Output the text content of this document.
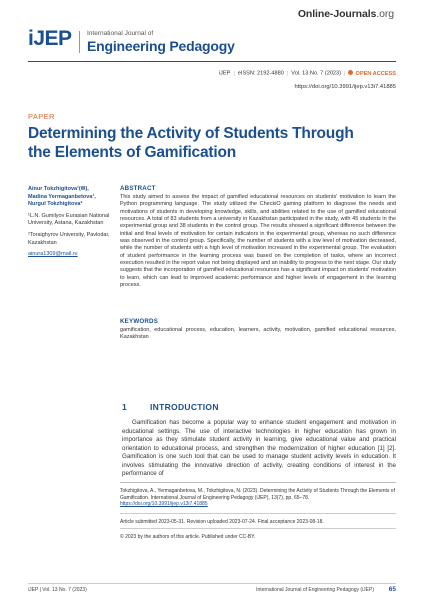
Online-Journals.org
iJEP International Journal of
Engineering Pedagogy
iJEP | eISSN: 2192-4880 | Vol. 13 No. 7 (2023) | OPEN ACCESS
https://doi.org/10.3991/ijep.v13i7.41885
PAPER
Determining the Activity of Students Through the Elements of Gamification
Ainur Tokzhigitova¹(✉),
Madina Yermaganbetova¹,
Nurgul Tokzhigitova²
¹L.N. Gumilyov Eurasian National University, Astana, Kazakhstan
²Toraighyrov University, Pavlodar, Kazakhstan
ainura1309@mail.ru
ABSTRACT
This study aimed to assess the impact of gamified educational resources on students' motivation to learn the Python programming language. The study utilized the CheckiO gaming platform to diagnose the needs and motivations of students in developing knowledge, skills, and abilities related to the use of gamified educational resources. A total of 83 students from a university in Kazakhstan participated in the study, with 45 students in the experimental group and 38 students in the control group. The results showed a significant difference between the initial and final levels of motivation for certain indicators in the experimental group, whereas no such difference was observed in the control group. Specifically, the number of students with a low level of motivation decreased, while the number of students with a high level of motivation increased in the experimental group. The evaluation of student performance in the learning process was based on the completion of tasks, where an incorrect execution resulted in the report value not being displayed and an inability to progress to the next stage. Our study suggests that the incorporation of gamified educational resources has a significant impact on students' motivation to learn, which can lead to improved academic performance and higher levels of engagement in the learning process.
KEYWORDS
gamification, educational process, education, learners, activity, motivation, gamified educational resources, Kazakhstan
1	INTRODUCTION
Gamification has become a popular way to enhance student engagement and motivation in educational settings. The use of interactive technologies in higher education has grown in importance as they stimulate student activity in learning, give educational value and practical orientation to educational process, and strengthen the modernization of higher education [1] [2]. Gamification is one such tool that can be used to manage student activity levels in education. It involves stimulating the innovative direction of activity, creating conditions of interest in the performance of
Tokzhigitova, A., Yermaganbetova, M., Tokzhigitova, N. (2023). Determining the Activity of Students Through the Elements of Gamification. International Journal of Engineering Pedagogy (iJEP), 13(7), pp. 65–78. https://doi.org/10.3991/ijep.v13i7.41885
Article submitted 2023-05-31. Revision uploaded 2023-07-24. Final acceptance 2023-08-18.
© 2023 by the authors of this article. Published under CC-BY.
iJEP | Vol. 13 No. 7 (2023)	International Journal of Engineering Pedagogy (iJEP) 65
